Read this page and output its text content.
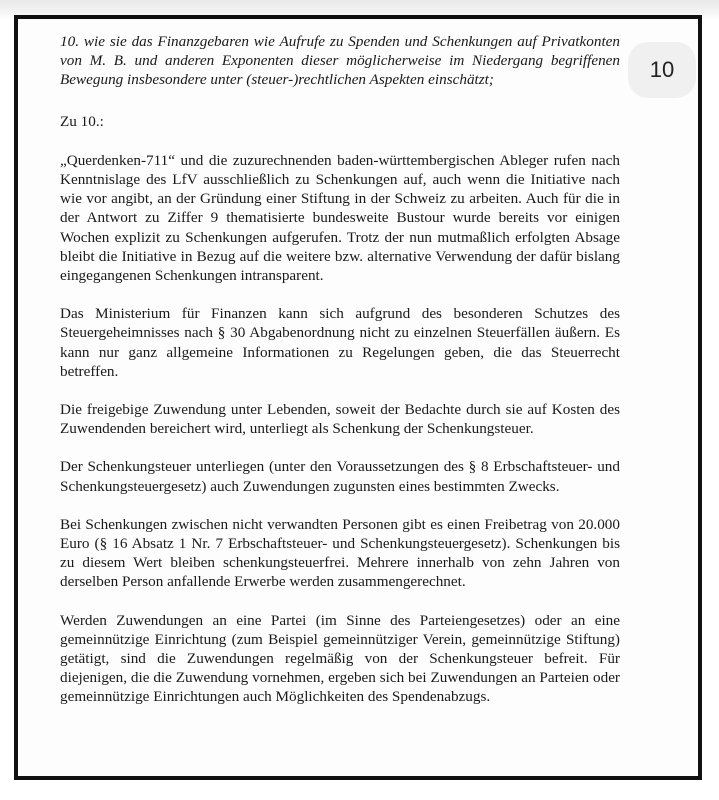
10. wie sie das Finanzgebaren wie Aufrufe zu Spenden und Schenkungen auf Privatkonten von M. B. und anderen Exponenten dieser möglicherweise im Niedergang begriffenen Bewegung insbesondere unter (steuer-)rechtlichen Aspekten einschätzt;

Zu 10.:

„Querdenken-711“ und die zuzurechnenden baden-württembergischen Ableger rufen nach Kenntnislage des LfV ausschließlich zu Schenkungen auf, auch wenn die Initiative nach wie vor angibt, an der Gründung einer Stiftung in der Schweiz zu arbeiten. Auch für die in der Antwort zu Ziffer 9 thematisierte bundesweite Bustour wurde bereits vor einigen Wochen explizit zu Schenkungen aufgerufen. Trotz der nun mutmaßlich erfolgten Absage bleibt die Initiative in Bezug auf die weitere bzw. alternative Verwendung der dafür bislang eingegangenen Schenkungen intransparent.

Das Ministerium für Finanzen kann sich aufgrund des besonderen Schutzes des Steuergeheimnisses nach § 30 Abgabenordnung nicht zu einzelnen Steuerfällen äußern. Es kann nur ganz allgemeine Informationen zu Regelungen geben, die das Steuerrecht betreffen.

Die freigebige Zuwendung unter Lebenden, soweit der Bedachte durch sie auf Kosten des Zuwendenden bereichert wird, unterliegt als Schenkung der Schenkungsteuer.

Der Schenkungsteuer unterliegen (unter den Voraussetzungen des § 8 Erbschaftsteuer- und Schenkungsteuergesetz) auch Zuwendungen zugunsten eines bestimmten Zwecks.

Bei Schenkungen zwischen nicht verwandten Personen gibt es einen Freibetrag von 20.000 Euro (§ 16 Absatz 1 Nr. 7 Erbschaftsteuer- und Schenkungsteuergesetz). Schenkungen bis zu diesem Wert bleiben schenkungsteuerfrei. Mehrere innerhalb von zehn Jahren von derselben Person anfallende Erwerbe werden zusammengerechnet.

Werden Zuwendungen an eine Partei (im Sinne des Parteiengesetzes) oder an eine gemeinnützige Einrichtung (zum Beispiel gemeinnütziger Verein, gemeinnützige Stiftung) getätigt, sind die Zuwendungen regelmäßig von der Schenkungsteuer befreit. Für diejenigen, die die Zuwendung vornehmen, ergeben sich bei Zuwendungen an Parteien oder gemeinnützige Einrichtungen auch Möglichkeiten des Spendenabzugs.

10
